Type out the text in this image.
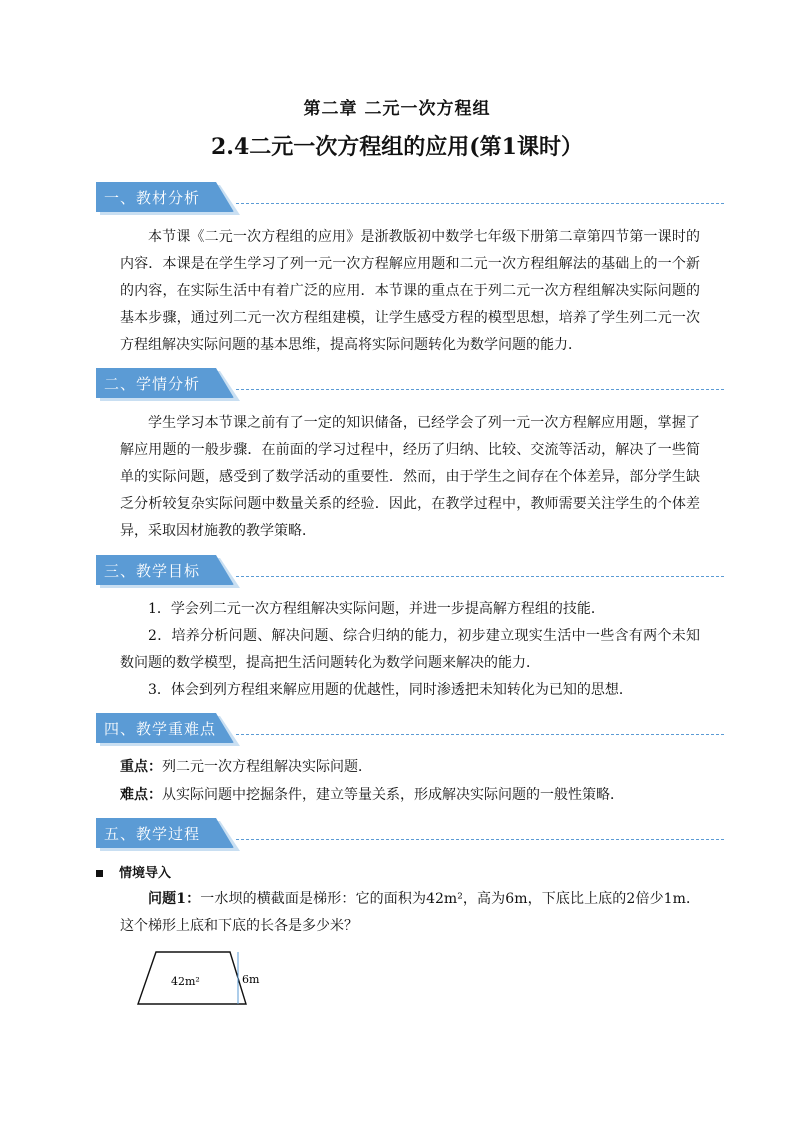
第二章 二元一次方程组
2.4二元一次方程组的应用(第1课时）
一、教材分析

本节课《二元一次方程组的应用》是浙教版初中数学七年级下册第二章第四节第一课时的内容．本课是在学生学习了列一元一次方程解应用题和二元一次方程组解法的基础上的一个新的内容，在实际生活中有着广泛的应用．本节课的重点在于列二元一次方程组解决实际问题的基本步骤，通过列二元一次方程组建模，让学生感受方程的模型思想，培养了学生列二元一次方程组解决实际问题的基本思维，提高将实际问题转化为数学问题的能力．

二、学情分析

学生学习本节课之前有了一定的知识储备，已经学会了列一元一次方程解应用题，掌握了解应用题的一般步骤．在前面的学习过程中，经历了归纳、比较、交流等活动，解决了一些简单的实际问题，感受到了数学活动的重要性．然而，由于学生之间存在个体差异，部分学生缺乏分析较复杂实际问题中数量关系的经验．因此，在教学过程中，教师需要关注学生的个体差异，采取因材施教的教学策略．

三、教学目标

1．学会列二元一次方程组解决实际问题，并进一步提高解方程组的技能．

2．培养分析问题、解决问题、综合归纳的能力，初步建立现实生活中一些含有两个未知数问题的数学模型，提高把生活问题转化为数学问题来解决的能力．

3．体会到列方程组来解应用题的优越性，同时渗透把未知转化为已知的思想．

四、教学重难点

重点：列二元一次方程组解决实际问题．

难点：从实际问题中挖掘条件，建立等量关系，形成解决实际问题的一般性策略．

五、教学过程
情境导入

问题1：一水坝的横截面是梯形：它的面积为42m²，高为6m，下底比上底的2倍少1m．这个梯形上底和下底的长各是多少米？

42m²	6m
